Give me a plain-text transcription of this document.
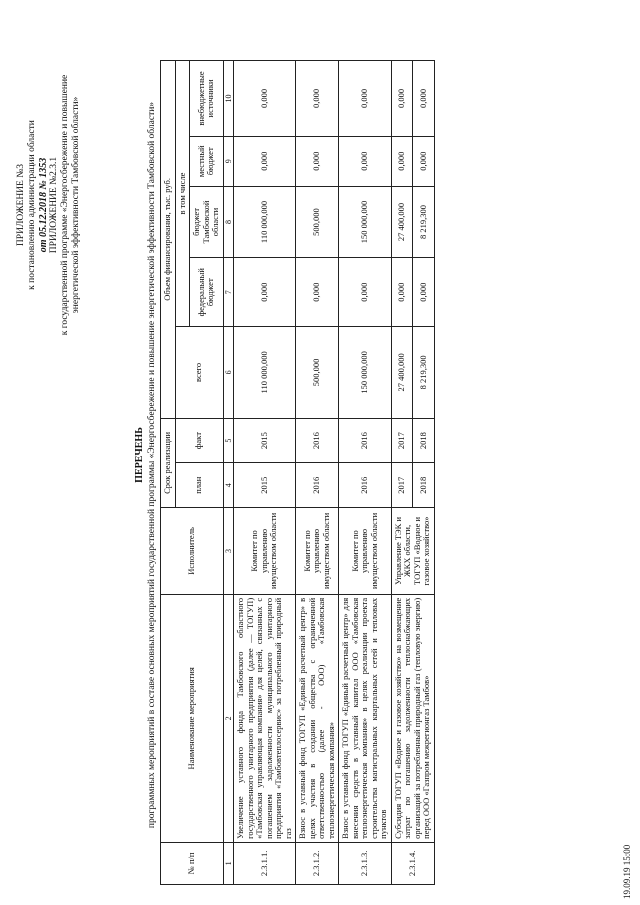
ПРИЛОЖЕНИЕ №3 к постановлению администрации области от 05.12.2018 № 1353 ПРИЛОЖЕНИЕ №2.3.1 к государственной программе «Энергосбережение и повышение энергетической эффективности Тамбовской области»
ПЕРЕЧЕНЬ программных мероприятий в составе основных мероприятий государственной программы «Энергосбережение и повышение энергетической эффективности Тамбовской области»
№ п/п	Наименование мероприятия	Исполнитель	Срок реализации		Объем финансирования, тыс. руб.				
			план	факт	всего	в том числе			
						федеральный бюджет	бюджет Тамбовской области	местный бюджет	внебюджетные источники
1	2	3	4	5	6	7	8	9	10
2.3.1.1.	Увеличение уставного фонда Тамбовского областного государственного унитарного предприятия (далее — ТОГУП) «Тамбовская управляющая компания» для целей, связанных с погашением задолженности муниципального унитарного предприятия «Тамбовтеплосервис» за потребленный природный газ	Комитет по управлению имуществом области	2015	2015	110 000,000	0,000	110 000,000	0,000	0,000
2.3.1.2.	Взнос в уставный фонд ТОГУП «Единый расчетный центр» в целях участия в создании общества с ограниченной ответственностью (далее - ООО) «Тамбовская теплоэнергетическая компания»	Комитет по управлению имуществом области	2016	2016	500,000	0,000	500,000	0,000	0,000
2.3.1.3.	Взнос в уставный фонд ТОГУП «Единый расчетный центр» для внесения средств в уставный капитал ООО «Тамбовская теплоэнергетическая компания» в целях реализации проекта строительства магистральных квартальных сетей и тепловых пунктов	Комитет по управлению имуществом области	2016	2016	150 000,000	0,000	150 000,000	0,000	0,000
2.3.1.4.	Субсидия ТОГУП «Водное и газовое хозяйство» на возмещение затрат по погашению задолженности теплоснабжающих организаций за потребленный природный газ (тепловую энергию) перед ООО «Газпром межрегионгаз Тамбов»	Управление ТЭК и ЖКХ области, ТОГУП «Водное и газовое хозяйство»	2017	2017	27 400,000	0,000	27 400,000	0,000	0,000
			2018	2018	8 219,300	0,000	8 219,300	0,000	0,000
19.09.19 15:00
